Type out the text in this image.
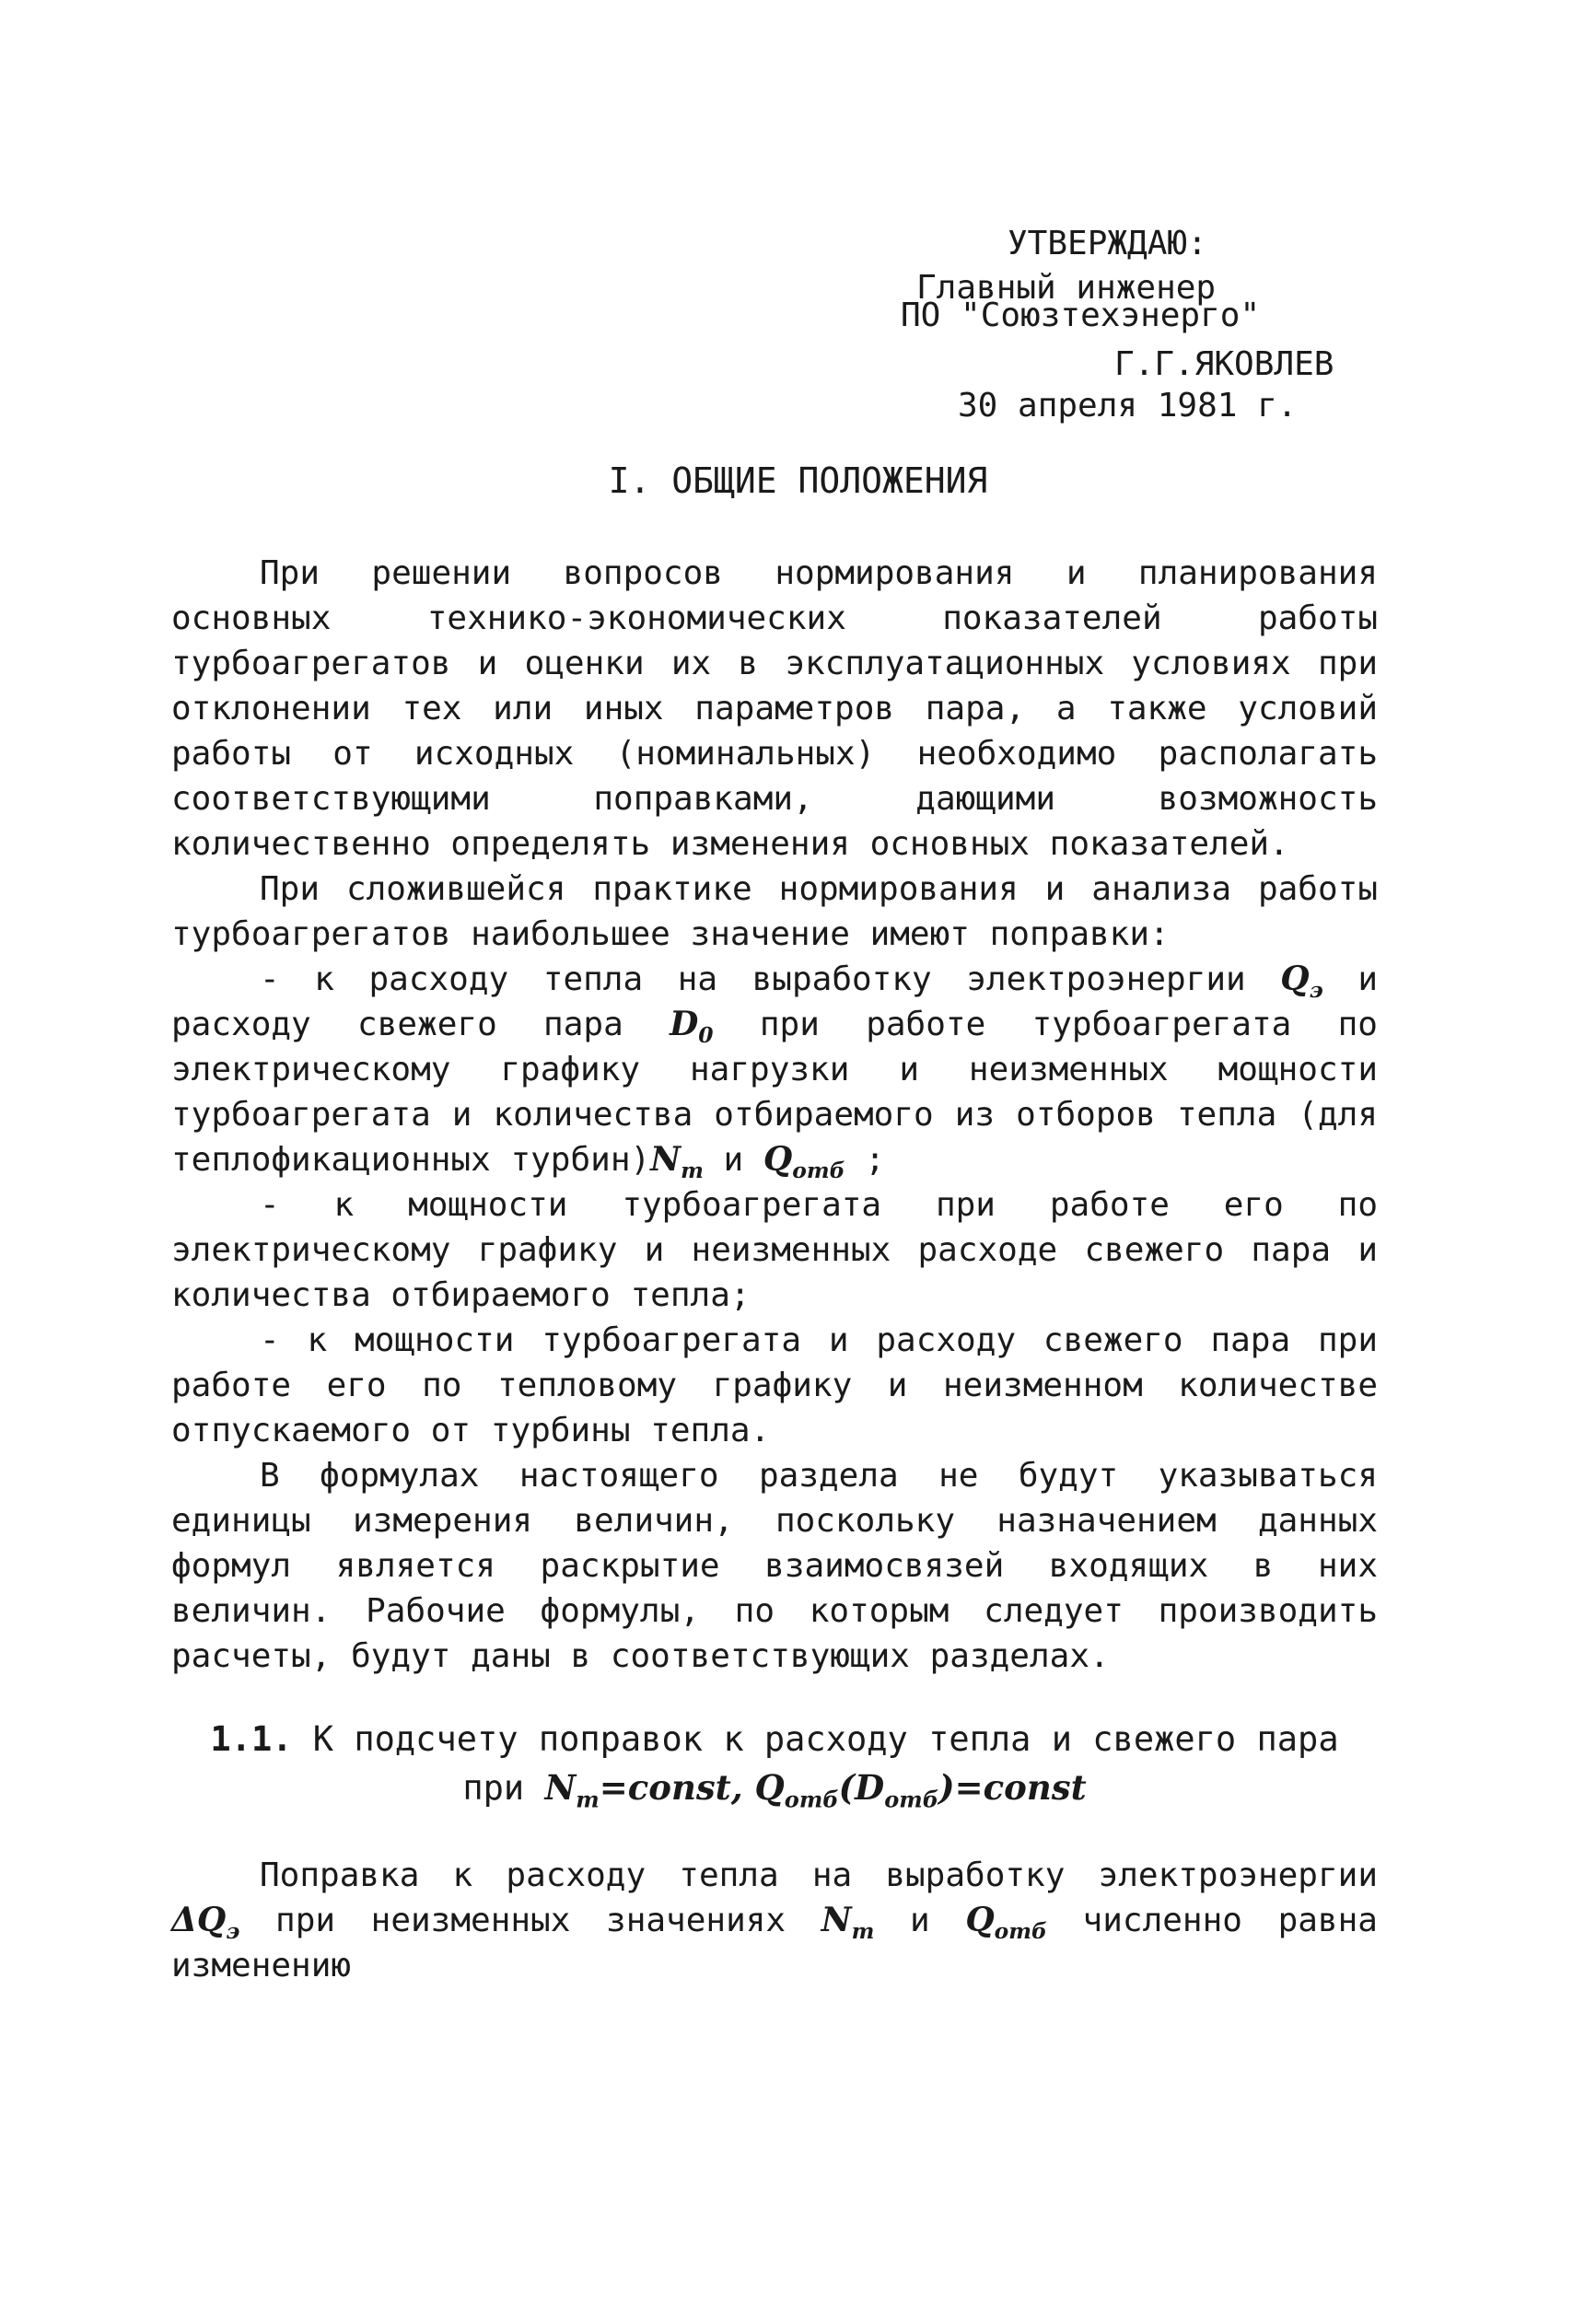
УТВЕРЖДАЮ:
Главный инженер
ПО "Союзтехэнерго"
Г.Г.ЯКОВЛЕВ
30 апреля 1981 г.
I. ОБЩИЕ ПОЛОЖЕНИЯ

При решении вопросов нормирования и планирования основных технико-экономических показателей работы турбоагрегатов и оценки их в эксплуатационных условиях при отклонении тех или иных параметров пара, а также условий работы от исходных (номинальных) необходимо располагать соответствующими поправками, дающими возможность количественно определять изменения основных показателей.

При сложившейся практике нормирования и анализа работы турбоагрегатов наибольшее значение имеют поправки:

- к расходу тепла на выработку электроэнергии $Q_э$ и расходу свежего пара $D_0$ при работе турбоагрегата по электрическому графику нагрузки и неизменных мощности турбоагрегата и количества отбираемого из отборов тепла (для теплофикационных $турбин)N_т$ и $Q_{отб}$ ;

- к мощности турбоагрегата при работе его по электрическому графику и неизменных расходе свежего пара и количества отбираемого тепла;

- к мощности турбоагрегата и расходу свежего пара при работе его по тепловому графику и неизменном количестве отпускаемого от турбины тепла.

В формулах настоящего раздела не будут указываться единицы измерения величин, поскольку назначением данных формул является раскрытие взаимосвязей входящих в них величин. Рабочие формулы, по которым следует производить расчеты, будут даны в соответствующих разделах.

1.1. К подсчету поправок к расходу тепла и свежего пара
при $N_т=const$, $Q_{отб}(D_{отб})=const$

Поправка к расходу тепла на выработку электроэнергии $\Delta Q_э$ при неизменных значениях $N_т$ и $Q_{отб}$ численно равна изменению
